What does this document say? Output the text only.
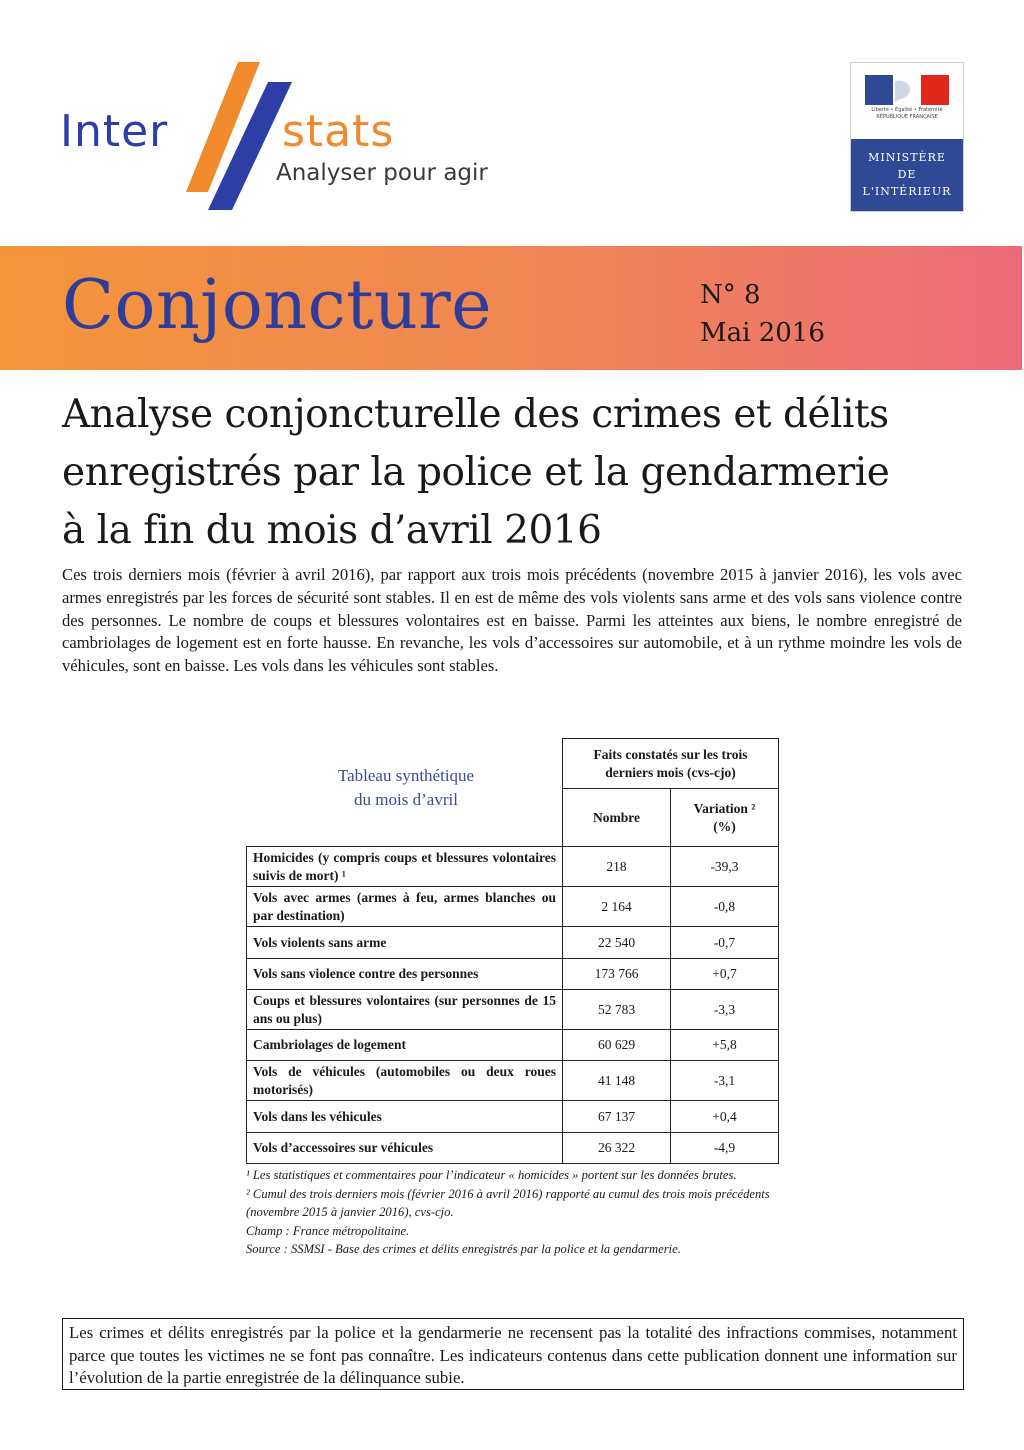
Inter	stats
Analyser pour agir
Liberté • Égalité • Fraternité
RÉPUBLIQUE FRANÇAISE
MINISTÈRE
DE
L'INTÉRIEUR
Conjoncture	N° 8
Mai 2016
Analyse conjoncturelle des crimes et délits
enregistrés par la police et la gendarmerie
à la fin du mois d’avril 2016
Ces trois derniers mois (février à avril 2016), par rapport aux trois mois précédents (novembre 2015 à janvier 2016), les vols avec armes enregistrés par les forces de sécurité sont stables. Il en est de même des vols violents sans arme et des vols sans violence contre des personnes. Le nombre de coups et blessures volontaires est en baisse. Parmi les atteintes aux biens, le nombre enregistré de cambriolages de logement est en forte hausse. En revanche, les vols d’accessoires sur automobile, et à un rythme moindre les vols de véhicules, sont en baisse. Les vols dans les véhicules sont stables.
Tableau synthétique
du mois d’avril

	Faits constatés sur les trois
derniers mois (cvs-cjo)	

	Nombre	Variation ²
(%)

Homicides (y compris coups et blessures volontaires suivis de mort) ¹	218	-39,3
Vols avec armes (armes à feu, armes blanches ou par destination)	2 164	-0,8
Vols violents sans arme	22 540	-0,7
Vols sans violence contre des personnes	173 766	+0,7
Coups et blessures volontaires (sur personnes de 15 ans ou plus)	52 783	-3,3
Cambriolages de logement	60 629	+5,8
Vols de véhicules (automobiles ou deux roues motorisés)	41 148	-3,1
Vols dans les véhicules	67 137	+0,4
Vols d’accessoires sur véhicules	26 322	-4,9

¹ Les statistiques et commentaires pour l’indicateur « homicides » portent sur les données brutes.

² Cumul des trois derniers mois (février 2016 à avril 2016) rapporté au cumul des trois mois précédents (novembre 2015 à janvier 2016), cvs-cjo.

Champ : France métropolitaine.

Source : SSMSI - Base des crimes et délits enregistrés par la police et la gendarmerie.

Les crimes et délits enregistrés par la police et la gendarmerie ne recensent pas la totalité des infractions commises, notamment parce que toutes les victimes ne se font pas connaître. Les indicateurs contenus dans cette publication donnent une information sur l’évolution de la partie enregistrée de la délinquance subie.
